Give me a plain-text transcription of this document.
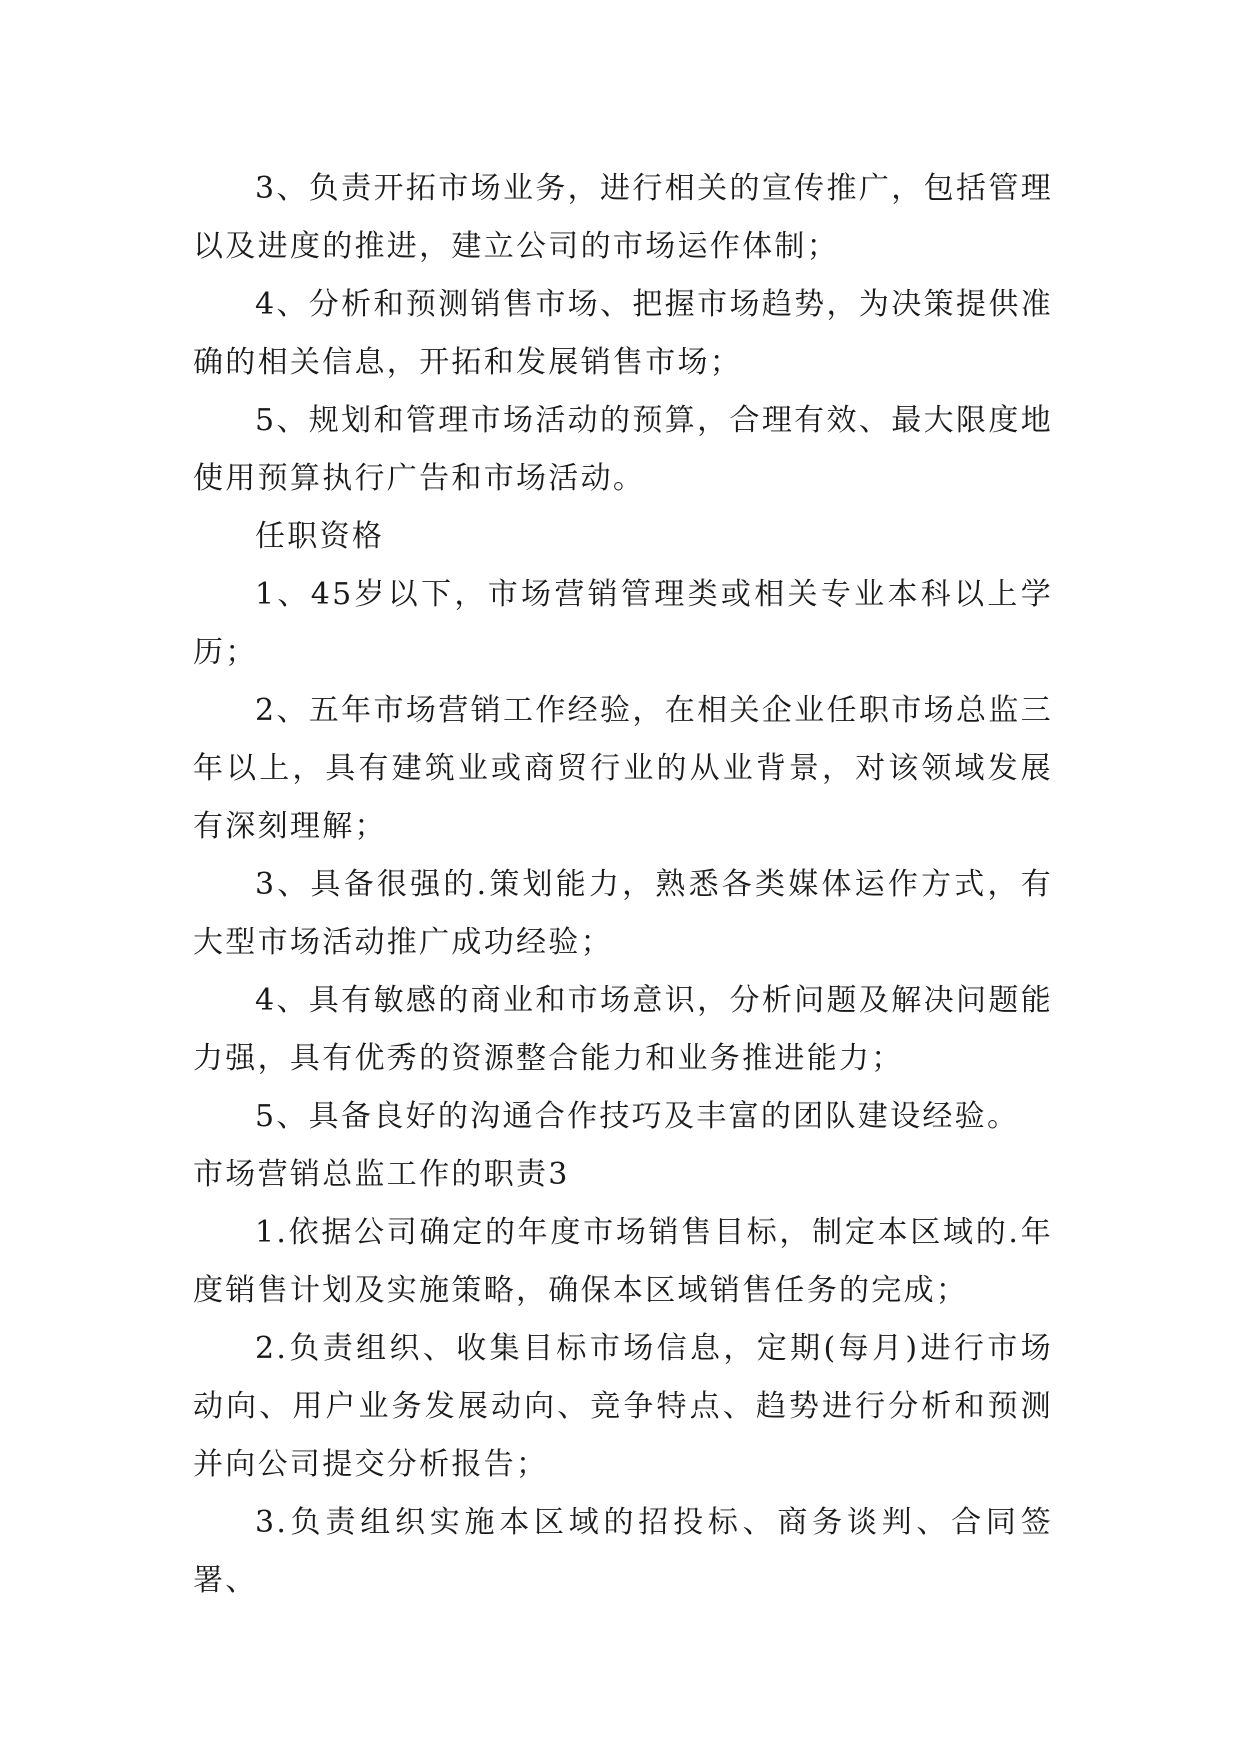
3、负责开拓市场业务，进行相关的宣传推广，包括管理以及进度的推进，建立公司的市场运作体制；

4、分析和预测销售市场、把握市场趋势，为决策提供准确的相关信息，开拓和发展销售市场；

5、规划和管理市场活动的预算，合理有效、最大限度地使用预算执行广告和市场活动。

任职资格

1、45岁以下，市场营销管理类或相关专业本科以上学历；

2、五年市场营销工作经验，在相关企业任职市场总监三年以上，具有建筑业或商贸行业的从业背景，对该领域发展有深刻理解；

3、具备很强的.策划能力，熟悉各类媒体运作方式，有大型市场活动推广成功经验；

4、具有敏感的商业和市场意识，分析问题及解决问题能力强，具有优秀的资源整合能力和业务推进能力；

5、具备良好的沟通合作技巧及丰富的团队建设经验。

市场营销总监工作的职责3

1.依据公司确定的年度市场销售目标，制定本区域的.年度销售计划及实施策略，确保本区域销售任务的完成；

2.负责组织、收集目标市场信息，定期(每月)进行市场动向、用户业务发展动向、竞争特点、趋势进行分析和预测并向公司提交分析报告；

3.负责组织实施本区域的招投标、商务谈判、合同签署、
